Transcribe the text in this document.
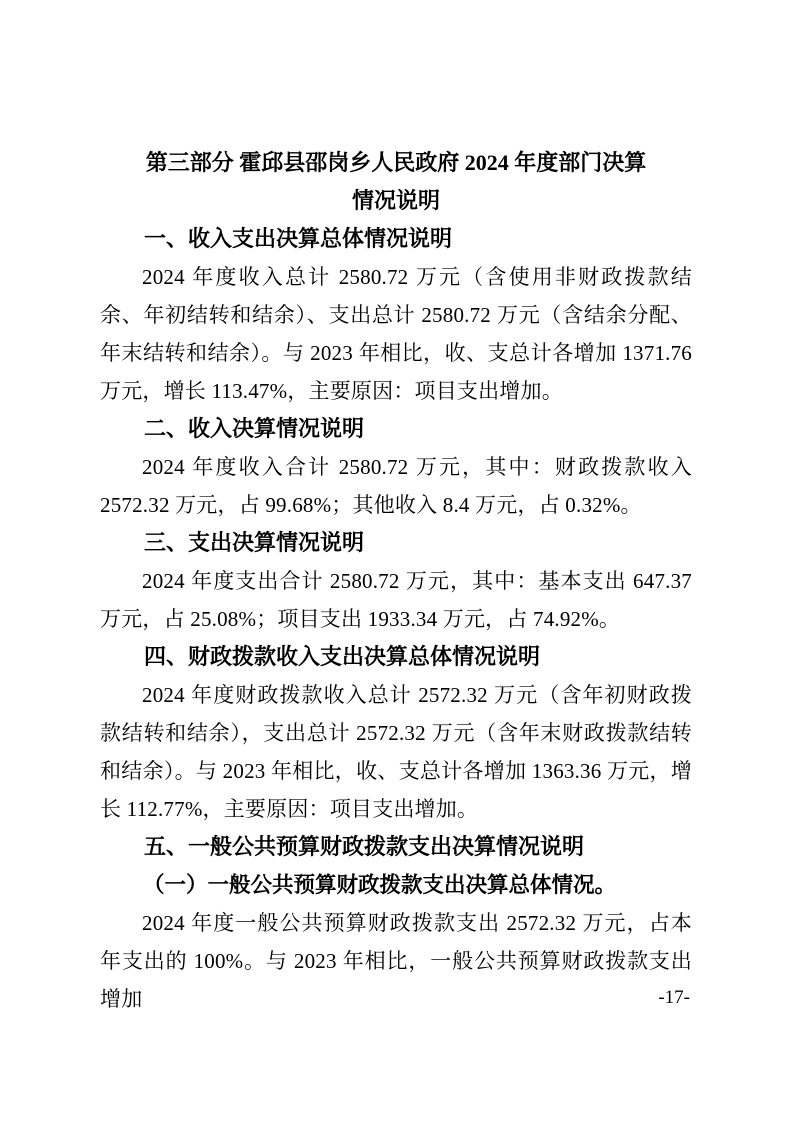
第三部分 霍邱县邵岗乡人民政府 2024 年度部门决算
情况说明
一、收入支出决算总体情况说明

2024 年度收入总计 2580.72 万元（含使用非财政拨款结余、年初结转和结余）、支出总计 2580.72 万元（含结余分配、年末结转和结余）。与 2023 年相比，收、支总计各增加 1371.76 万元，增长 113.47%，主要原因：项目支出增加。

二、收入决算情况说明

2024 年度收入合计 2580.72 万元，其中：财政拨款收入 2572.32 万元，占 99.68%；其他收入 8.4 万元，占 0.32%。

三、支出决算情况说明

2024 年度支出合计 2580.72 万元，其中：基本支出 647.37 万元，占 25.08%；项目支出 1933.34 万元，占 74.92%。

四、财政拨款收入支出决算总体情况说明

2024 年度财政拨款收入总计 2572.32 万元（含年初财政拨款结转和结余），支出总计 2572.32 万元（含年末财政拨款结转和结余）。与 2023 年相比，收、支总计各增加 1363.36 万元，增长 112.77%，主要原因：项目支出增加。

五、一般公共预算财政拨款支出决算情况说明
（一）一般公共预算财政拨款支出决算总体情况。

2024 年度一般公共预算财政拨款支出 2572.32 万元，占本年支出的 100%。与 2023 年相比，一般公共预算财政拨款支出增加	-17-
